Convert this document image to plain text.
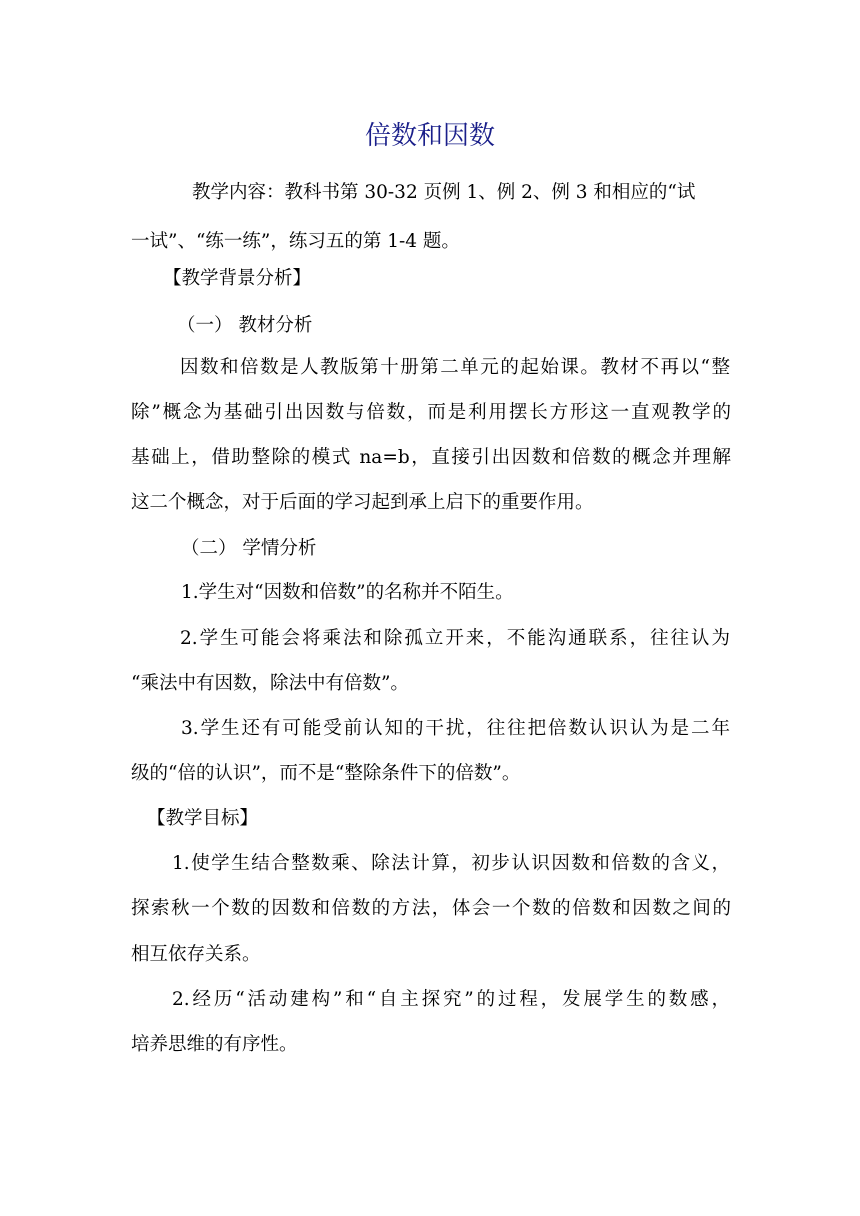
倍数和因数
教学内容：教科书第 30-32 页例 1、例 2、例 3 和相应的“试
一试”、“练一练”，练习五的第 1-4 题。
【教学背景分析】
（一） 教材分析
因数和倍数是人教版第十册第二单元的起始课。教材不再以“整
除”概念为基础引出因数与倍数，而是利用摆长方形这一直观教学的
基础上，借助整除的模式 na=b，直接引出因数和倍数的概念并理解
这二个概念，对于后面的学习起到承上启下的重要作用。
（二） 学情分析
1.学生对“因数和倍数”的名称并不陌生。
2.学生可能会将乘法和除孤立开来，不能沟通联系，往往认为
“乘法中有因数，除法中有倍数”。
3.学生还有可能受前认知的干扰，往往把倍数认识认为是二年
级的“倍的认识”，而不是“整除条件下的倍数”。
【教学目标】
1.使学生结合整数乘、除法计算，初步认识因数和倍数的含义，
探索秋一个数的因数和倍数的方法，体会一个数的倍数和因数之间的
相互依存关系。
2.经历“活动建构”和“自主探究”的过程，发展学生的数感，
培养思维的有序性。
